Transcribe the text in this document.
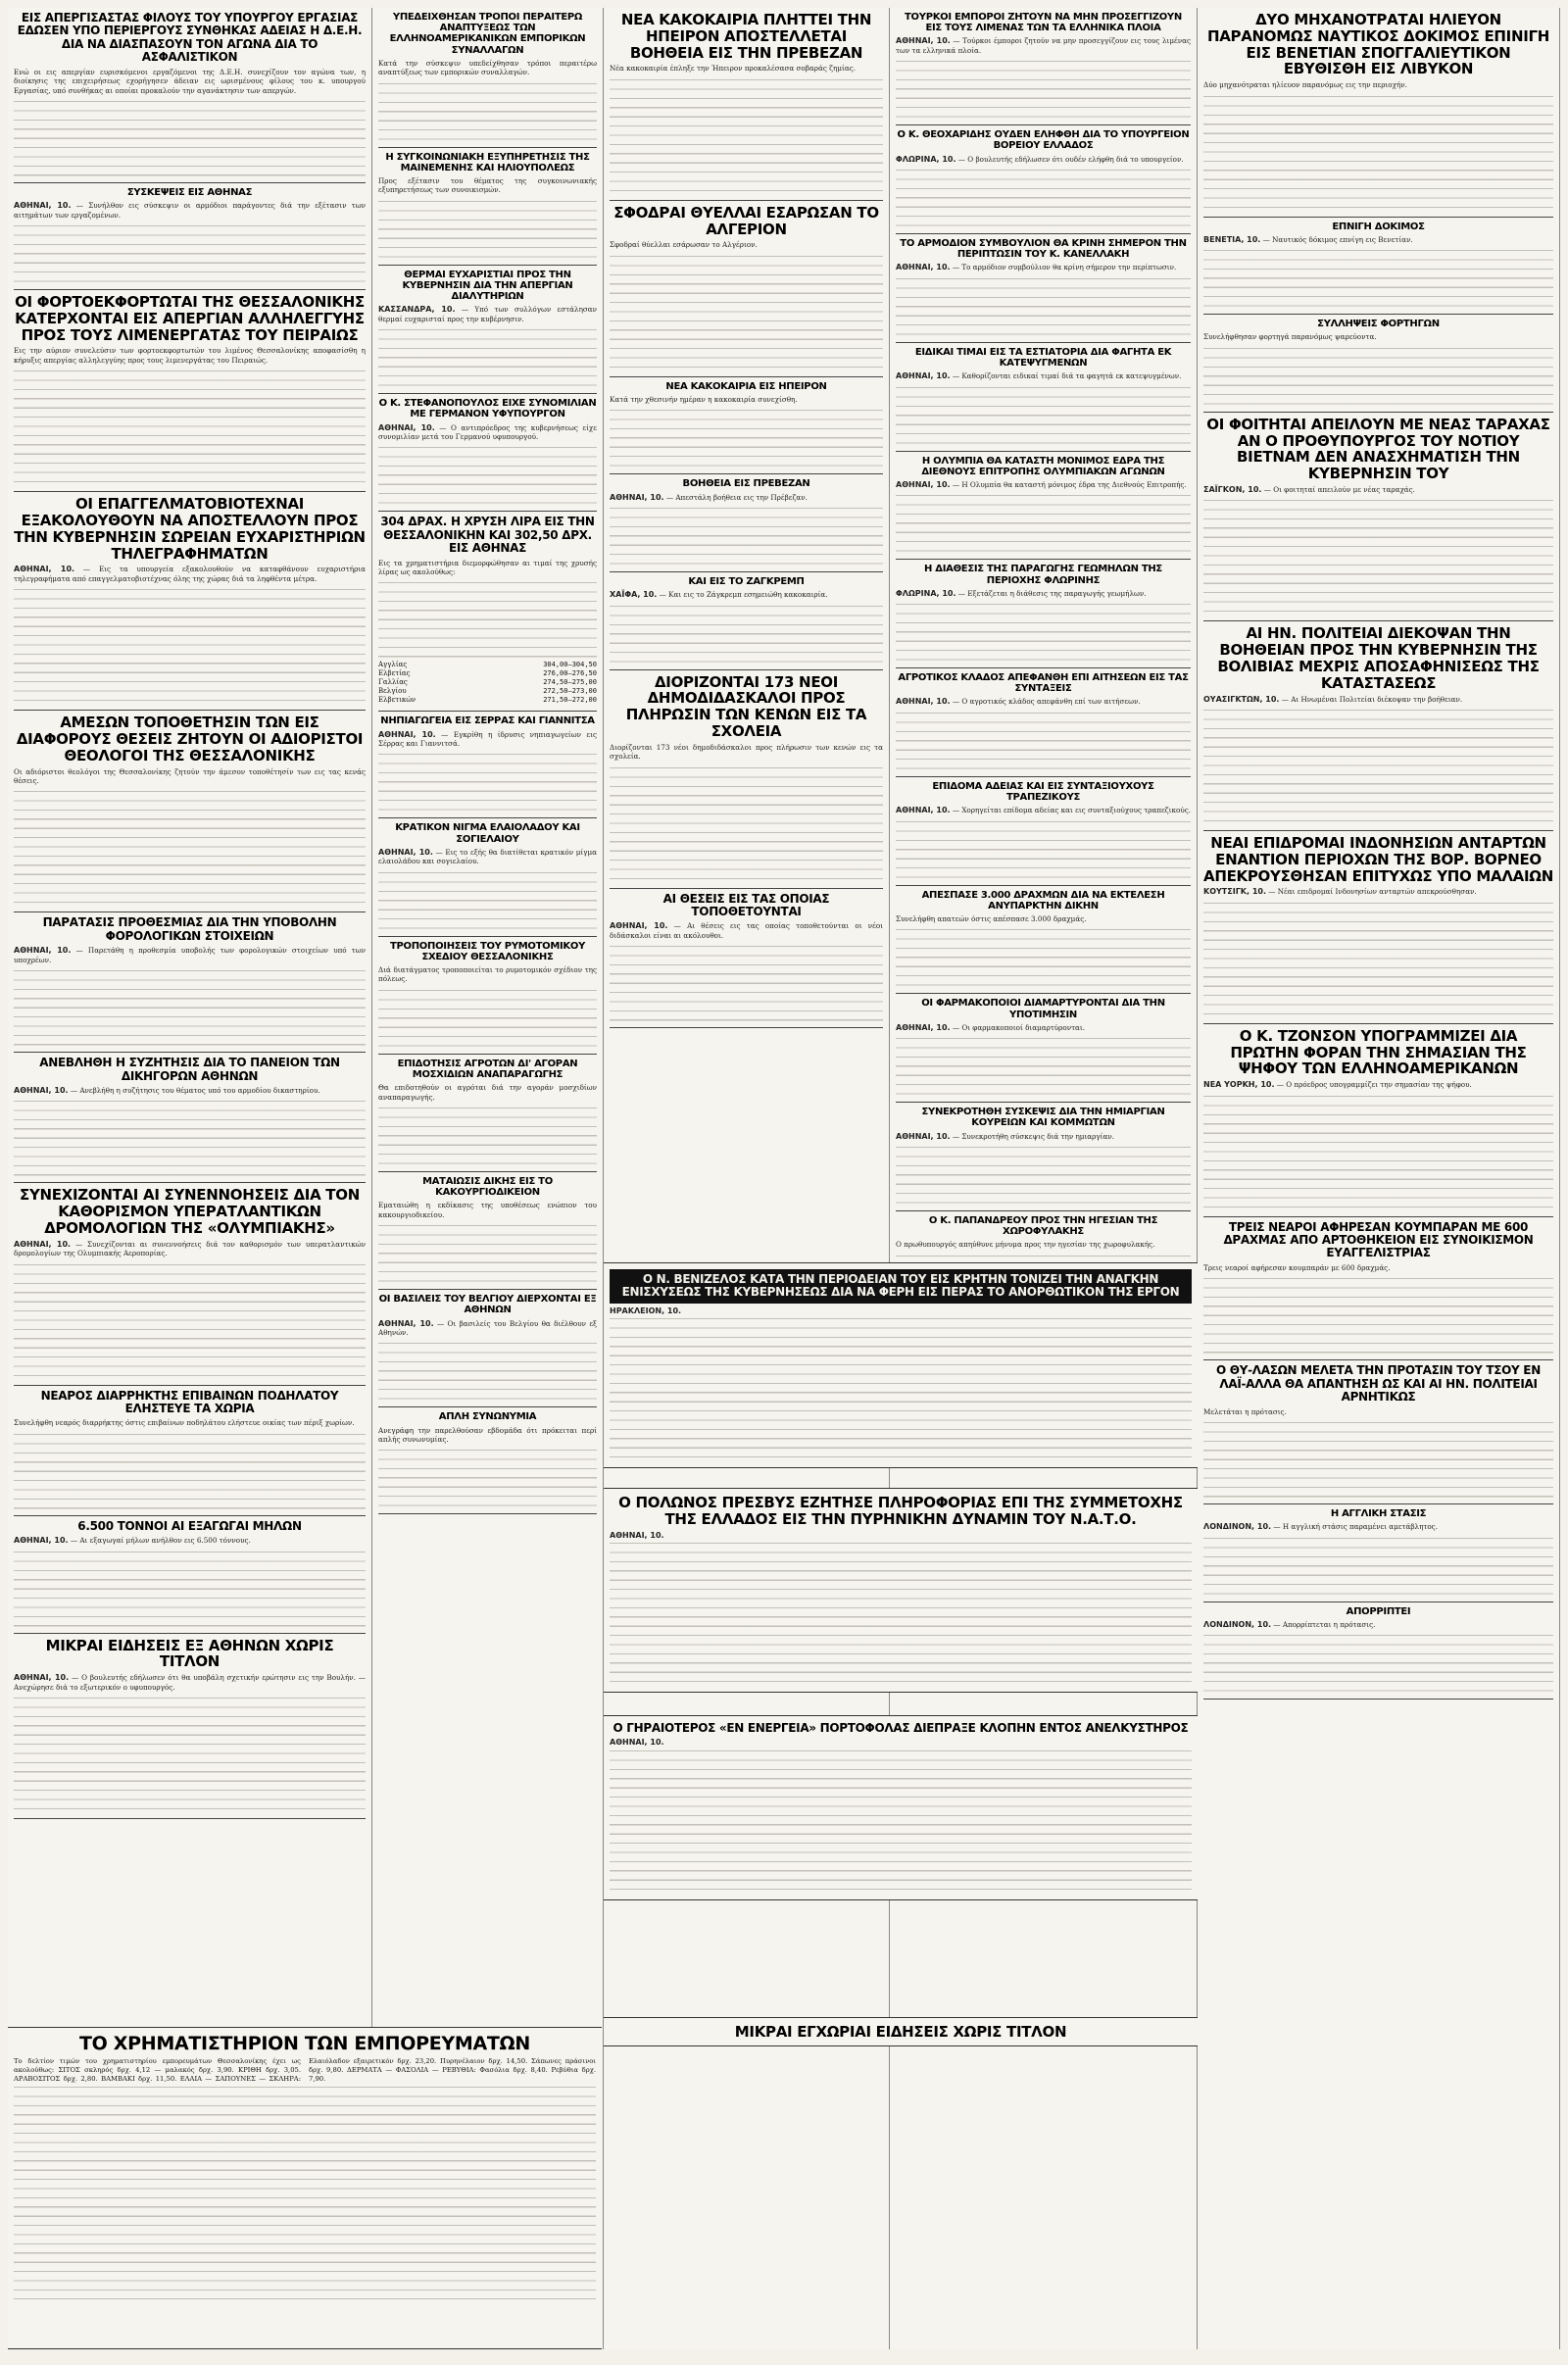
ΕΙΣ ΑΠΕΡΓΙΣΑΣΤΑΣ ΦΙΛΟΥΣ ΤΟΥ ΥΠΟΥΡΓΟΥ ΕΡΓΑΣΙΑΣ ΕΔΩΣΕΝ ΥΠΟ ΠΕΡΙΕΡΓΟΥΣ ΣΥΝΘΗΚΑΣ ΑΔΕΙΑΣ Η Δ.Ε.Η. ΔΙΑ ΝΑ ΔΙΑΣΠΑΣΟΥΝ ΤΟΝ ΑΓΩΝΑ ΔΙΑ ΤΟ ΑΣΦΑΛΙΣΤΙΚΟΝ
Ενώ οι εις απεργίαν ευρισκόμενοι εργαζόμενοι της Δ.Ε.Η. συνεχίζουν τον αγώνα των, η διοίκησις της επιχειρήσεως εχορήγησεν άδειαν εις ωρισμένους φίλους του κ. υπουργού Εργασίας, υπό συνθήκας αι οποίαι προκαλούν την αγανάκτησιν των απεργών.
ΣΥΣΚΕΨΕΙΣ ΕΙΣ ΑΘΗΝΑΣ
ΑΘΗΝΑΙ, 10. — Συνήλθον εις σύσκεψιν οι αρμόδιοι παράγοντες διά την εξέτασιν των αιτημάτων των εργαζομένων.
ΟΙ ΦΟΡΤΟΕΚΦΟΡΤΩΤΑΙ ΤΗΣ ΘΕΣΣΑΛΟΝΙΚΗΣ ΚΑΤΕΡΧΟΝΤΑΙ ΕΙΣ ΑΠΕΡΓΙΑΝ ΑΛΛΗΛΕΓΓΥΗΣ ΠΡΟΣ ΤΟΥΣ ΛΙΜΕΝΕΡΓΑΤΑΣ ΤΟΥ ΠΕΙΡΑΙΩΣ
Εις την αύριον συνελεύσιν των φορτοεκφορτωτών του λιμένος Θεσσαλονίκης αποφασίσθη η κήρυξις απεργίας αλληλεγγύης προς τους λιμενεργάτας του Πειραιώς.
ΟΙ ΕΠΑΓΓΕΛΜΑΤΟΒΙΟΤΕΧΝΑΙ ΕΞΑΚΟΛΟΥΘΟΥΝ ΝΑ ΑΠΟΣΤΕΛΛΟΥΝ ΠΡΟΣ ΤΗΝ ΚΥΒΕΡΝΗΣΙΝ ΣΩΡΕΙΑΝ ΕΥΧΑΡΙΣΤΗΡΙΩΝ ΤΗΛΕΓΡΑΦΗΜΑΤΩΝ
ΑΘΗΝΑΙ, 10. — Εις τα υπουργεία εξακολουθούν να καταφθάνουν ευχαριστήρια τηλεγραφήματα από επαγγελματοβιοτέχνας όλης της χώρας διά τα ληφθέντα μέτρα.
ΑΜΕΣΩΝ ΤΟΠΟΘΕΤΗΣΙΝ ΤΩΝ ΕΙΣ ΔΙΑΦΟΡΟΥΣ ΘΕΣΕΙΣ ΖΗΤΟΥΝ ΟΙ ΑΔΙΟΡΙΣΤΟΙ ΘΕΟΛΟΓΟΙ ΤΗΣ ΘΕΣΣΑΛΟΝΙΚΗΣ
Οι αδιόριστοι θεολόγοι της Θεσσαλονίκης ζητούν την άμεσον τοποθέτησίν των εις τας κενάς θέσεις.
ΠΑΡΑΤΑΣΙΣ ΠΡΟΘΕΣΜΙΑΣ ΔΙΑ ΤΗΝ ΥΠΟΒΟΛΗΝ ΦΟΡΟΛΟΓΙΚΩΝ ΣΤΟΙΧΕΙΩΝ
ΑΘΗΝΑΙ, 10. — Παρετάθη η προθεσμία υποβολής των φορολογικών στοιχείων υπό των υποχρέων.
ΑΝΕΒΛΗΘΗ Η ΣΥΖΗΤΗΣΙΣ ΔΙΑ ΤΟ ΠΑΝΕΙΟΝ ΤΩΝ ΔΙΚΗΓΟΡΩΝ ΑΘΗΝΩΝ
ΑΘΗΝΑΙ, 10. — Ανεβλήθη η συζήτησις του θέματος υπό του αρμοδίου δικαστηρίου.
ΣΥΝΕΧΙΖΟΝΤΑΙ ΑΙ ΣΥΝΕΝΝΟΗΣΕΙΣ ΔΙΑ ΤΟΝ ΚΑΘΟΡΙΣΜΟΝ ΥΠΕΡΑΤΛΑΝΤΙΚΩΝ ΔΡΟΜΟΛΟΓΙΩΝ ΤΗΣ «ΟΛΥΜΠΙΑΚΗΣ»
ΑΘΗΝΑΙ, 10. — Συνεχίζονται αι συνεννοήσεις διά τον καθορισμόν των υπερατλαντικών δρομολογίων της Ολυμπιακής Αεροπορίας.
ΝΕΑΡΟΣ ΔΙΑΡΡΗΚΤΗΣ ΕΠΙΒΑΙΝΩΝ ΠΟΔΗΛΑΤΟΥ ΕΛΗΣΤΕΥΕ ΤΑ ΧΩΡΙΑ
Συνελήφθη νεαρός διαρρήκτης όστις επιβαίνων ποδηλάτου ελήστευε οικίας των πέριξ χωρίων.
6.500 ΤΟΝΝΟΙ ΑΙ ΕΞΑΓΩΓΑΙ ΜΗΛΩΝ
ΑΘΗΝΑΙ, 10. — Αι εξαγωγαί μήλων ανήλθον εις 6.500 τόννους.
ΜΙΚΡΑΙ ΕΙΔΗΣΕΙΣ ΕΞ ΑΘΗΝΩΝ ΧΩΡΙΣ ΤΙΤΛΟΝ
ΑΘΗΝΑΙ, 10. — Ο βουλευτής εδήλωσεν ότι θα υποβάλη σχετικήν ερώτησιν εις την Βουλήν. — Ανεχώρησε διά το εξωτερικόν ο υφυπουργός.
ΥΠΕΔΕΙΧΘΗΣΑΝ ΤΡΟΠΟΙ ΠΕΡΑΙΤΕΡΩ ΑΝΑΠΤΥΞΕΩΣ ΤΩΝ ΕΛΛΗΝΟΑΜΕΡΙΚΑΝΙΚΩΝ ΕΜΠΟΡΙΚΩΝ ΣΥΝΑΛΛΑΓΩΝ
Κατά την σύσκεψιν υπεδείχθησαν τρόποι περαιτέρω αναπτύξεως των εμπορικών συναλλαγών.
Η ΣΥΓΚΟΙΝΩΝΙΑΚΗ ΕΞΥΠΗΡΕΤΗΣΙΣ ΤΗΣ ΜΑΙΝΕΜΕΝΗΣ ΚΑΙ ΗΛΙΟΥΠΟΛΕΩΣ
Προς εξέτασιν του θέματος της συγκοινωνιακής εξυπηρετήσεως των συνοικισμών.
ΘΕΡΜΑΙ ΕΥΧΑΡΙΣΤΙΑΙ ΠΡΟΣ ΤΗΝ ΚΥΒΕΡΝΗΣΙΝ ΔΙΑ ΤΗΝ ΑΠΕΡΓΙΑΝ ΔΙΑΛΥΤΗΡΙΩΝ
ΚΑΣΣΑΝΔΡΑ, 10. — Υπό των συλλόγων εστάλησαν θερμαί ευχαρισταί προς την κυβέρνησιν.
Ο Κ. ΣΤΕΦΑΝΟΠΟΥΛΟΣ ΕΙΧΕ ΣΥΝΟΜΙΛΙΑΝ ΜΕ ΓΕΡΜΑΝΟΝ ΥΦΥΠΟΥΡΓΟΝ
ΑΘΗΝΑΙ, 10. — Ο αντιπρόεδρος της κυβερνήσεως είχε συνομιλίαν μετά του Γερμανού υφυπουργού.
304 ΔΡΑΧ. Η ΧΡΥΣΗ ΛΙΡΑ ΕΙΣ ΤΗΝ ΘΕΣΣΑΛΟΝΙΚΗΝ ΚΑΙ 302,50 ΔΡΧ. ΕΙΣ ΑΘΗΝΑΣ
Εις τα χρηματιστήρια διεμορφώθησαν αι τιμαί της χρυσής λίρας ως ακολούθως:
Αγγλίας	304,00—304,50
Ελβετίας	276,00—276,50
Γαλλίας	274,50—275,00
Βελγίου	272,50—273,00
Ελβετικών	271,50—272,00
ΝΗΠΙΑΓΩΓΕΙΑ ΕΙΣ ΣΕΡΡΑΣ ΚΑΙ ΓΙΑΝΝΙΤΣΑ
ΑΘΗΝΑΙ, 10. — Εγκρίθη η ίδρυσις νηπιαγωγείων εις Σέρρας και Γιαννιτσά.
ΚΡΑΤΙΚΟΝ ΝΙΓΜΑ ΕΛΑΙΟΛΑΔΟΥ ΚΑΙ ΣΟΓΙΕΛΑΙΟΥ
ΑΘΗΝΑΙ, 10. — Εις το εξής θα διατίθεται κρατικόν μίγμα ελαιολάδου και σογιελαίου.
ΤΡΟΠΟΠΟΙΗΣΕΙΣ ΤΟΥ ΡΥΜΟΤΟΜΙΚΟΥ ΣΧΕΔΙΟΥ ΘΕΣΣΑΛΟΝΙΚΗΣ
Διά διατάγματος τροποποιείται το ρυμοτομικόν σχέδιον της πόλεως.
ΕΠΙΔΟΤΗΣΙΣ ΑΓΡΟΤΩΝ ΔΙ' ΑΓΟΡΑΝ ΜΟΣΧΙΔΙΩΝ ΑΝΑΠΑΡΑΓΩΓΗΣ
Θα επιδοτηθούν οι αγρόται διά την αγοράν μοσχιδίων αναπαραγωγής.
ΜΑΤΑΙΩΣΙΣ ΔΙΚΗΣ ΕΙΣ ΤΟ ΚΑΚΟΥΡΓΙΟΔΙΚΕΙΟΝ
Εματαιώθη η εκδίκασις της υποθέσεως ενώπιον του κακουργιοδικείου.
ΟΙ ΒΑΣΙΛΕΙΣ ΤΟΥ ΒΕΛΓΙΟΥ ΔΙΕΡΧΟΝΤΑΙ ΕΞ ΑΘΗΝΩΝ
ΑΘΗΝΑΙ, 10. — Οι βασιλείς του Βελγίου θα διέλθουν εξ Αθηνών.
ΑΠΛΗ ΣΥΝΩΝΥΜΙΑ
Ανεγράφη την παρελθούσαν εβδομάδα ότι πρόκειται περί απλής συνωνυμίας.
ΝΕΑ ΚΑΚΟΚΑΙΡΙΑ ΠΛΗΤΤΕΙ ΤΗΝ ΗΠΕΙΡΟΝ ΑΠΟΣΤΕΛΛΕΤΑΙ ΒΟΗΘΕΙΑ ΕΙΣ ΤΗΝ ΠΡΕΒΕΖΑΝ
Νέα κακοκαιρία έπληξε την Ήπειρον προκαλέσασα σοβαράς ζημίας.
ΣΦΟΔΡΑΙ ΘΥΕΛΛΑΙ ΕΣΑΡΩΣΑΝ ΤΟ ΑΛΓΕΡΙΟΝ
Σφοδραί θύελλαι εσάρωσαν το Αλγέριον.
ΝΕΑ ΚΑΚΟΚΑΙΡΙΑ ΕΙΣ ΗΠΕΙΡΟΝ
Κατά την χθεσινήν ημέραν η κακοκαιρία συνεχίσθη.
ΒΟΗΘΕΙΑ ΕΙΣ ΠΡΕΒΕΖΑΝ
ΑΘΗΝΑΙ, 10. — Απεστάλη βοήθεια εις την Πρέβεζαν.
ΚΑΙ ΕΙΣ ΤΟ ΖΑΓΚΡΕΜΠ
ΧΑΪΦΑ, 10. — Και εις το Ζάγκρεμπ εσημειώθη κακοκαιρία.
ΔΙΟΡΙΖΟΝΤΑΙ 173 ΝΕΟΙ ΔΗΜΟΔΙΔΑΣΚΑΛΟΙ ΠΡΟΣ ΠΛΗΡΩΣΙΝ ΤΩΝ ΚΕΝΩΝ ΕΙΣ ΤΑ ΣΧΟΛΕΙΑ
Διορίζονται 173 νέοι δημοδιδάσκαλοι προς πλήρωσιν των κενών εις τα σχολεία.
ΑΙ ΘΕΣΕΙΣ ΕΙΣ ΤΑΣ ΟΠΟΙΑΣ ΤΟΠΟΘΕΤΟΥΝΤΑΙ
ΑΘΗΝΑΙ, 10. — Αι θέσεις εις τας οποίας τοποθετούνται οι νέοι διδάσκαλοι είναι αι ακόλουθοι.
ΤΟΥΡΚΟΙ ΕΜΠΟΡΟΙ ΖΗΤΟΥΝ ΝΑ ΜΗΝ ΠΡΟΣΕΓΓΙΖΟΥΝ ΕΙΣ ΤΟΥΣ ΛΙΜΕΝΑΣ ΤΩΝ ΤΑ ΕΛΛΗΝΙΚΑ ΠΛΟΙΑ
ΑΘΗΝΑΙ, 10. — Τούρκοι έμποροι ζητούν να μην προσεγγίζουν εις τους λιμένας των τα ελληνικά πλοία.
Ο Κ. ΘΕΟΧΑΡΙΔΗΣ ΟΥΔΕΝ ΕΛΗΦΘΗ ΔΙΑ ΤΟ ΥΠΟΥΡΓΕΙΟΝ ΒΟΡΕΙΟΥ ΕΛΛΑΔΟΣ
ΦΛΩΡΙΝΑ, 10. — Ο βουλευτής εδήλωσεν ότι ουδέν ελήφθη διά το υπουργείον.
ΤΟ ΑΡΜΟΔΙΟΝ ΣΥΜΒΟΥΛΙΟΝ ΘΑ ΚΡΙΝΗ ΣΗΜΕΡΟΝ ΤΗΝ ΠΕΡΙΠΤΩΣΙΝ ΤΟΥ Κ. ΚΑΝΕΛΛΑΚΗ
ΑΘΗΝΑΙ, 10. — Το αρμόδιον συμβούλιον θα κρίνη σήμερον την περίπτωσιν.
ΕΙΔΙΚΑΙ ΤΙΜΑΙ ΕΙΣ ΤΑ ΕΣΤΙΑΤΟΡΙΑ ΔΙΑ ΦΑΓΗΤΑ ΕΚ ΚΑΤΕΨΥΓΜΕΝΩΝ
ΑΘΗΝΑΙ, 10. — Καθορίζονται ειδικαί τιμαί διά τα φαγητά εκ κατεψυγμένων.
Η ΟΛΥΜΠΙΑ ΘΑ ΚΑΤΑΣΤΗ ΜΟΝΙΜΟΣ ΕΔΡΑ ΤΗΣ ΔΙΕΘΝΟΥΣ ΕΠΙΤΡΟΠΗΣ ΟΛΥΜΠΙΑΚΩΝ ΑΓΩΝΩΝ
ΑΘΗΝΑΙ, 10. — Η Ολυμπία θα καταστή μόνιμος έδρα της Διεθνούς Επιτροπής.
Η ΔΙΑΘΕΣΙΣ ΤΗΣ ΠΑΡΑΓΩΓΗΣ ΓΕΩΜΗΛΩΝ ΤΗΣ ΠΕΡΙΟΧΗΣ ΦΛΩΡΙΝΗΣ
ΦΛΩΡΙΝΑ, 10. — Εξετάζεται η διάθεσις της παραγωγής γεωμήλων.
ΑΓΡΟΤΙΚΟΣ ΚΛΑΔΟΣ ΑΠΕΦΑΝΘΗ ΕΠΙ ΑΙΤΗΣΕΩΝ ΕΙΣ ΤΑΣ ΣΥΝΤΑΞΕΙΣ
ΑΘΗΝΑΙ, 10. — Ο αγροτικός κλάδος απεφάνθη επί των αιτήσεων.
ΕΠΙΔΟΜΑ ΑΔΕΙΑΣ ΚΑΙ ΕΙΣ ΣΥΝΤΑΞΙΟΥΧΟΥΣ ΤΡΑΠΕΖΙΚΟΥΣ
ΑΘΗΝΑΙ, 10. — Χορηγείται επίδομα αδείας και εις συνταξιούχους τραπεζικούς.
ΑΠΕΣΠΑΣΕ 3.000 ΔΡΑΧΜΩΝ ΔΙΑ ΝΑ ΕΚΤΕΛΕΣΗ ΑΝΥΠΑΡΚΤΗΝ ΔΙΚΗΝ
Συνελήφθη απατεών όστις απέσπασε 3.000 δραχμάς.
ΟΙ ΦΑΡΜΑΚΟΠΟΙΟΙ ΔΙΑΜΑΡΤΥΡΟΝΤΑΙ ΔΙΑ ΤΗΝ ΥΠΟΤΙΜΗΣΙΝ
ΑΘΗΝΑΙ, 10. — Οι φαρμακοποιοί διαμαρτύρονται.
ΣΥΝΕΚΡΟΤΗΘΗ ΣΥΣΚΕΨΙΣ ΔΙΑ ΤΗΝ ΗΜΙΑΡΓΙΑΝ ΚΟΥΡΕΙΩΝ ΚΑΙ ΚΟΜΜΩΤΩΝ
ΑΘΗΝΑΙ, 10. — Συνεκροτήθη σύσκεψις διά την ημιαργίαν.
Ο Κ. ΠΑΠΑΝΔΡΕΟΥ ΠΡΟΣ ΤΗΝ ΗΓΕΣΙΑΝ ΤΗΣ ΧΩΡΟΦΥΛΑΚΗΣ
Ο πρωθυπουργός απηύθυνε μήνυμα προς την ηγεσίαν της χωροφυλακής.
ΔΥΟ ΜΗΧΑΝΟΤΡΑΤΑΙ ΗΛΙΕΥΟΝ ΠΑΡΑΝΟΜΩΣ ΝΑΥΤΙΚΟΣ ΔΟΚΙΜΟΣ ΕΠΙΝΙΓΗ ΕΙΣ ΒΕΝΕΤΙΑΝ ΣΠΟΓΓΑΛΙΕΥΤΙΚΟΝ ΕΒΥΘΙΣΘΗ ΕΙΣ ΛΙΒΥΚΟΝ
Δύο μηχανότραται ηλίευον παρανόμως εις την περιοχήν.
ΕΠΝΙΓΗ ΔΟΚΙΜΟΣ
ΒΕΝΕΤΙΑ, 10. — Ναυτικός δόκιμος επνίγη εις Βενετίαν.
ΣΥΛΛΗΨΕΙΣ ΦΟΡΤΗΓΩΝ
Συνελήφθησαν φορτηγά παρανόμως ψαρεύοντα.
ΟΙ ΦΟΙΤΗΤΑΙ ΑΠΕΙΛΟΥΝ ΜΕ ΝΕΑΣ ΤΑΡΑΧΑΣ ΑΝ Ο ΠΡΟΘΥΠΟΥΡΓΟΣ ΤΟΥ ΝΟΤΙΟΥ ΒΙΕΤΝΑΜ ΔΕΝ ΑΝΑΣΧΗΜΑΤΙΣΗ ΤΗΝ ΚΥΒΕΡΝΗΣΙΝ ΤΟΥ
ΣΑΪΓΚΟΝ, 10. — Οι φοιτηταί απειλούν με νέας ταραχάς.
ΑΙ ΗΝ. ΠΟΛΙΤΕΙΑΙ ΔΙΕΚΟΨΑΝ ΤΗΝ ΒΟΗΘΕΙΑΝ ΠΡΟΣ ΤΗΝ ΚΥΒΕΡΝΗΣΙΝ ΤΗΣ ΒΟΛΙΒΙΑΣ ΜΕΧΡΙΣ ΑΠΟΣΑΦΗΝΙΣΕΩΣ ΤΗΣ ΚΑΤΑΣΤΑΣΕΩΣ
ΟΥΑΣΙΓΚΤΩΝ, 10. — Αι Ηνωμέναι Πολιτείαι διέκοψαν την βοήθειαν.
ΝΕΑΙ ΕΠΙΔΡΟΜΑΙ ΙΝΔΟΝΗΣΙΩΝ ΑΝΤΑΡΤΩΝ ΕΝΑΝΤΙΟΝ ΠΕΡΙΟΧΩΝ ΤΗΣ ΒΟΡ. ΒΟΡΝΕΟ ΑΠΕΚΡΟΥΣΘΗΣΑΝ ΕΠΙΤΥΧΩΣ ΥΠΟ ΜΑΛΑΙΩΝ
ΚΟΥΤΣΙΓΚ, 10. — Νέαι επιδρομαί Ινδονησίων ανταρτών απεκρούσθησαν.
Ο Κ. ΤΖΟΝΣΟΝ ΥΠΟΓΡΑΜΜΙΖΕΙ ΔΙΑ ΠΡΩΤΗΝ ΦΟΡΑΝ ΤΗΝ ΣΗΜΑΣΙΑΝ ΤΗΣ ΨΗΦΟΥ ΤΩΝ ΕΛΛΗΝΟΑΜΕΡΙΚΑΝΩΝ
ΝΕΑ ΥΟΡΚΗ, 10. — Ο πρόεδρος υπογραμμίζει την σημασίαν της ψήφου.
ΤΡΕΙΣ ΝΕΑΡΟΙ ΑΦΗΡΕΣΑΝ ΚΟΥΜΠΑΡΑΝ ΜΕ 600 ΔΡΑΧΜΑΣ ΑΠΟ ΑΡΤΟΘΗΚΕΙΟΝ ΕΙΣ ΣΥΝΟΙΚΙΣΜΟΝ ΕΥΑΓΓΕΛΙΣΤΡΙΑΣ
Τρεις νεαροί αφήρεσαν κουμπαράν με 600 δραχμάς.
Ο ΘΥ-ΛΑΣΩΝ ΜΕΛΕΤΑ ΤΗΝ ΠΡΟΤΑΣΙΝ ΤΟΥ ΤΣΟΥ ΕΝ ΛΑΪ-ΑΛΛΑ ΘΑ ΑΠΑΝΤΗΣΗ ΩΣ ΚΑΙ ΑΙ ΗΝ. ΠΟΛΙΤΕΙΑΙ ΑΡΝΗΤΙΚΩΣ
Μελετάται η πρότασις.
Η ΑΓΓΛΙΚΗ ΣΤΑΣΙΣ
ΛΟΝΔΙΝΟΝ, 10. — Η αγγλική στάσις παραμένει αμετάβλητος.
ΑΠΟΡΡΙΠΤΕΙ
ΛΟΝΔΙΝΟΝ, 10. — Απορρίπτεται η πρότασις.
Ο Ν. ΒΕΝΙΖΕΛΟΣ ΚΑΤΑ ΤΗΝ ΠΕΡΙΟΔΕΙΑΝ ΤΟΥ ΕΙΣ ΚΡΗΤΗΝ ΤΟΝΙΖΕΙ ΤΗΝ ΑΝΑΓΚΗΝ ΕΝΙΣΧΥΣΕΩΣ ΤΗΣ ΚΥΒΕΡΝΗΣΕΩΣ ΔΙΑ ΝΑ ΦΕΡΗ ΕΙΣ ΠΕΡΑΣ ΤΟ ΑΝΟΡΘΩΤΙΚΟΝ ΤΗΣ ΕΡΓΟΝ
ΗΡΑΚΛΕΙΟΝ, 10.
Ο ΠΟΛΩΝΟΣ ΠΡΕΣΒΥΣ ΕΖΗΤΗΣΕ ΠΛΗΡΟΦΟΡΙΑΣ ΕΠΙ ΤΗΣ ΣΥΜΜΕΤΟΧΗΣ ΤΗΣ ΕΛΛΑΔΟΣ ΕΙΣ ΤΗΝ ΠΥΡΗΝΙΚΗΝ ΔΥΝΑΜΙΝ ΤΟΥ Ν.Α.Τ.Ο.
ΑΘΗΝΑΙ, 10.
Ο ΓΗΡΑΙΟΤΕΡΟΣ «ΕΝ ΕΝΕΡΓΕΙΑ» ΠΟΡΤΟΦΟΛΑΣ ΔΙΕΠΡΑΞΕ ΚΛΟΠΗΝ ΕΝΤΟΣ ΑΝΕΛΚΥΣΤΗΡΟΣ
ΑΘΗΝΑΙ, 10.
ΜΙΚΡΑΙ ΕΓΧΩΡΙΑΙ ΕΙΔΗΣΕΙΣ ΧΩΡΙΣ ΤΙΤΛΟΝ
ΤΟ ΧΡΗΜΑΤΙΣΤΗΡΙΟΝ ΤΩΝ ΕΜΠΟΡΕΥΜΑΤΩΝ
Το δελτίον τιμών του χρηματιστηρίου εμπορευμάτων Θεσσαλονίκης έχει ως ακολούθως: ΣΙΤΟΣ σκληρός δρχ. 4,12 — μαλακός δρχ. 3,90. ΚΡΙΘΗ δρχ. 3,05. ΑΡΑΒΟΣΙΤΟΣ δρχ. 2,80. ΒΑΜΒΑΚΙ δρχ. 11,50. ΕΛΑΙΑ — ΣΑΠΟΥΝΕΣ — ΣΚΛΗΡΑ: Ελαιόλαδον εξαιρετικόν δρχ. 23,20. Πυρηνέλαιον δρχ. 14,50. Σάπωνες πράσινοι δρχ. 9,80. ΔΕΡΜΑΤΑ — ΦΑΣΟΛΙΑ — ΡΕΒΥΘΙΑ: Φασόλια δρχ. 8,40. Ρεβύθια δρχ. 7,90.
